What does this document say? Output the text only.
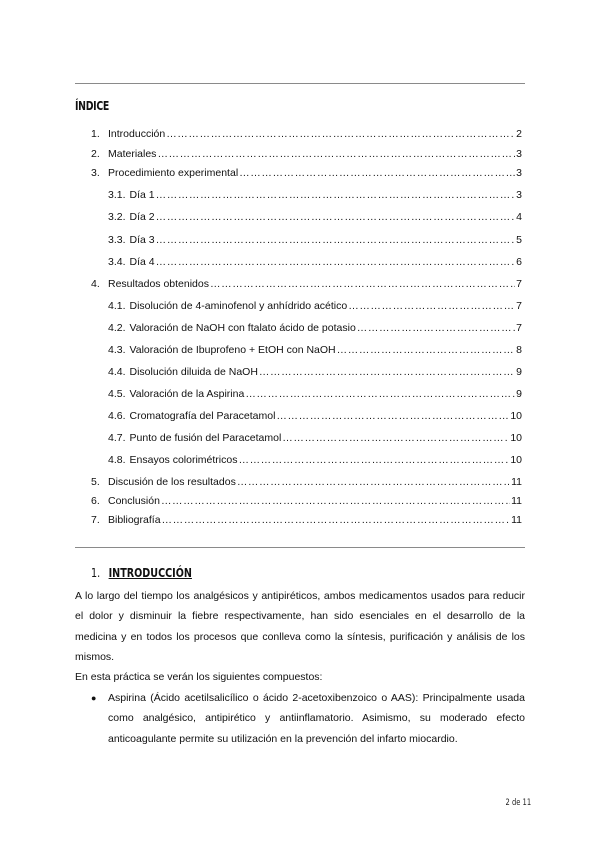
ÍNDICE
1. Introducción ……………………………………………………………………………………………………………………………………………………………………………………………………	2
2. Materiales ……………………………………………………………………………………………………………………………………………………………………………………………………	3
3. Procedimiento experimental ……………………………………………………………………………………………………………………………………………………………………………………………………	3
3.1. Día 1 ……………………………………………………………………………………………………………………………………………………………………………………………………	3
3.2. Día 2 ……………………………………………………………………………………………………………………………………………………………………………………………………	4
3.3. Día 3 ……………………………………………………………………………………………………………………………………………………………………………………………………	5
3.4. Día 4 ……………………………………………………………………………………………………………………………………………………………………………………………………	6
4. Resultados obtenidos ……………………………………………………………………………………………………………………………………………………………………………………………………	7
4.1. Disolución de 4-aminofenol y anhídrido acético ……………………………………………………………………………………………………………………………………………………………………………………………………	7
4.2. Valoración de NaOH con ftalato ácido de potasio ……………………………………………………………………………………………………………………………………………………………………………………………………	7
4.3. Valoración de Ibuprofeno + EtOH con NaOH ……………………………………………………………………………………………………………………………………………………………………………………………………	8
4.4. Disolución diluida de NaOH ……………………………………………………………………………………………………………………………………………………………………………………………………	9
4.5. Valoración de la Aspirina ……………………………………………………………………………………………………………………………………………………………………………………………………	9
4.6. Cromatografía del Paracetamol ……………………………………………………………………………………………………………………………………………………………………………………………………	10
4.7. Punto de fusión del Paracetamol ……………………………………………………………………………………………………………………………………………………………………………………………………	10
4.8. Ensayos colorimétricos ……………………………………………………………………………………………………………………………………………………………………………………………………	10
5. Discusión de los resultados ……………………………………………………………………………………………………………………………………………………………………………………………………	11
6. Conclusión ……………………………………………………………………………………………………………………………………………………………………………………………………	11
7. Bibliografía ……………………………………………………………………………………………………………………………………………………………………………………………………	11
1. INTRODUCCIÓN

A lo largo del tiempo los analgésicos y antipiréticos, ambos medicamentos usados para reducir el dolor y disminuir la fiebre respectivamente, han sido esenciales en el desarrollo de la medicina y en todos los procesos que conlleva como la síntesis, purificación y análisis de los mismos.

En esta práctica se verán los siguientes compuestos:

●	Aspirina (Ácido acetilsalicílico o ácido 2-acetoxibenzoico o AAS): Principalmente usada como analgésico, antipirético y antiinflamatorio. Asimismo, su moderado efecto anticoagulante permite su utilización en la prevención del infarto miocardio.
2 de 11
